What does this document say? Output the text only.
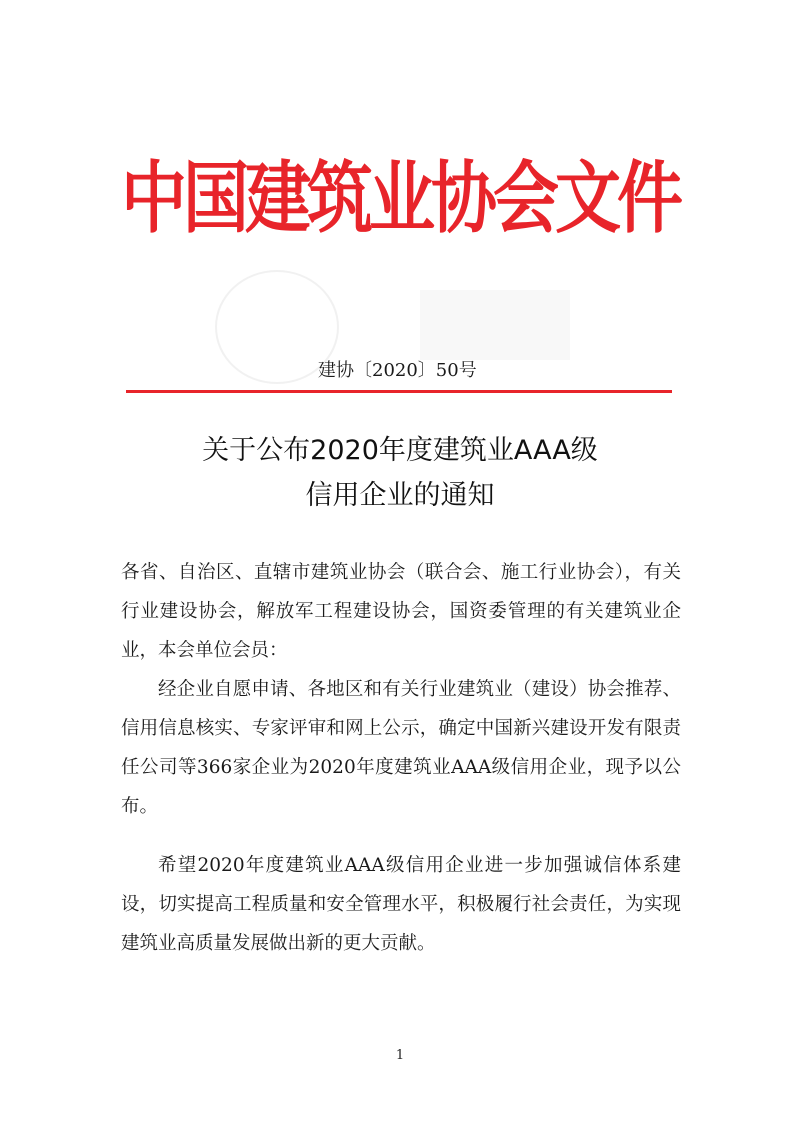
中国建筑业协会文件
建协〔2020〕50号
关于公布2020年度建筑业AAA级
信用企业的通知

各省、自治区、直辖市建筑业协会（联合会、施工行业协会），有关行业建设协会，解放军工程建设协会，国资委管理的有关建筑业企业，本会单位会员：

经企业自愿申请、各地区和有关行业建筑业（建设）协会推荐、信用信息核实、专家评审和网上公示，确定中国新兴建设开发有限责任公司等366家企业为2020年度建筑业AAA级信用企业，现予以公布。

希望2020年度建筑业AAA级信用企业进一步加强诚信体系建设，切实提高工程质量和安全管理水平，积极履行社会责任，为实现建筑业高质量发展做出新的更大贡献。

1
